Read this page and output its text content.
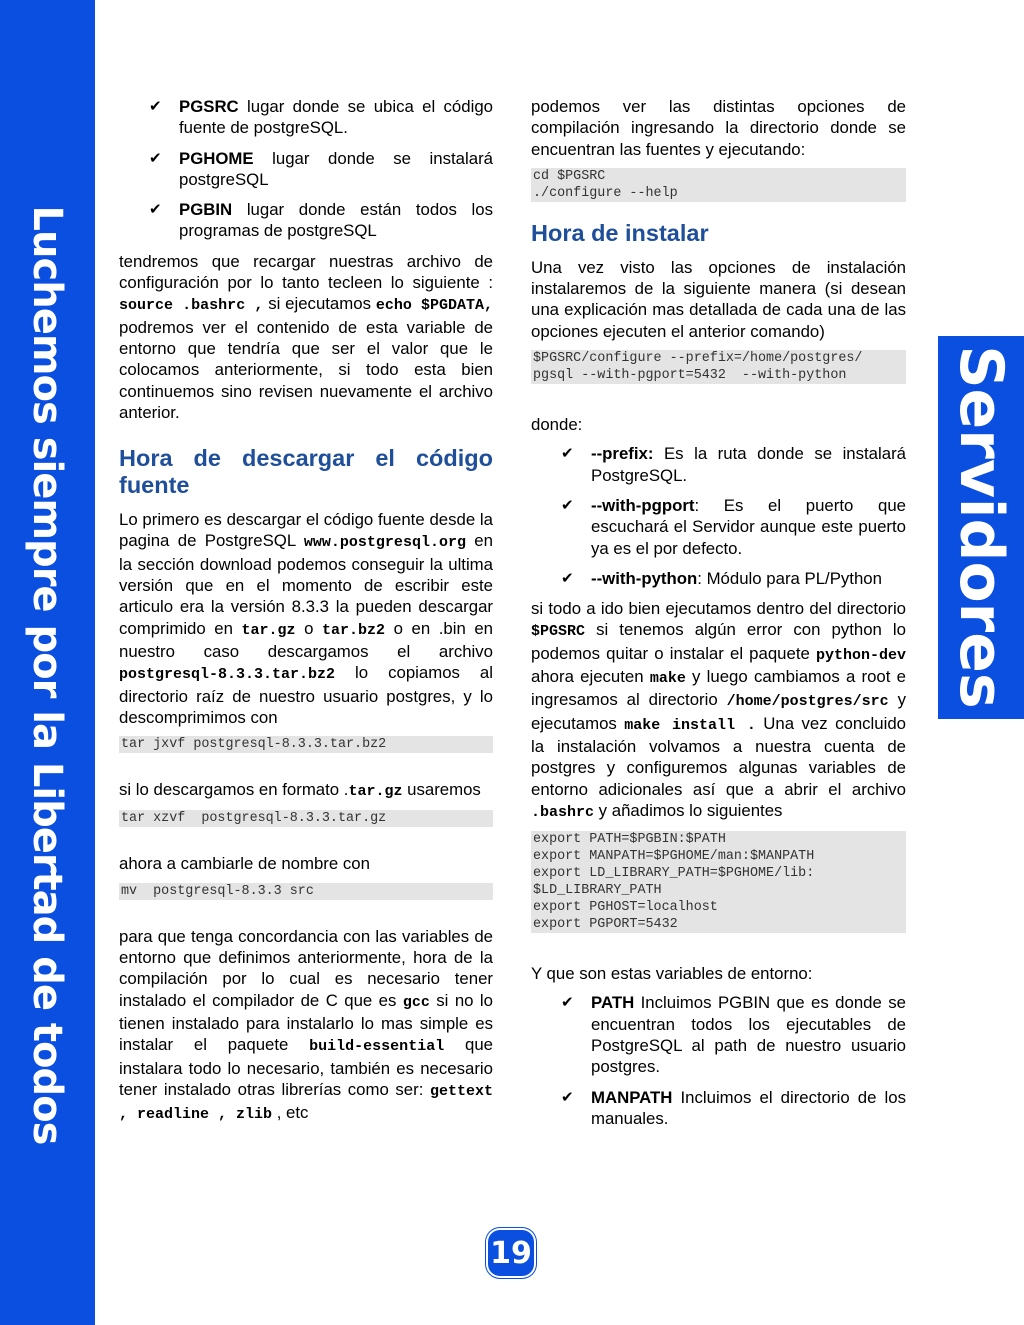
Luchemos siempre por la Libertad de todos	Servidores
✔	PGSRC lugar donde se ubica el código fuente de postgreSQL.
✔	PGHOME lugar donde se instalará postgreSQL
✔	PGBIN lugar donde están todos los programas de postgreSQL

tendremos que recargar nuestras archivo de configuración por lo tanto tecleen lo siguiente : source .bashrc , si ejecutamos echo $PGDATA, podremos ver el contenido de esta variable de entorno que tendría que ser el valor que le colocamos anteriormente, si todo esta bien continuemos sino revisen nuevamente el archivo anterior.

Hora de descargar el código fuente

Lo primero es descargar el código fuente desde la pagina de PostgreSQL www.postgresql.org en la sección download podemos conseguir la ultima versión que en el momento de escribir este articulo era la versión 8.3.3 la pueden descargar comprimido en tar.gz o tar.bz2 o en .bin en nuestro caso descargamos el archivo postgresql-8.3.3.tar.bz2 lo copiamos al directorio raíz de nuestro usuario postgres, y lo descomprimimos con

tar jxvf postgresql-8.3.3.tar.bz2

si lo descargamos en formato .tar.gz usaremos

tar xzvf  postgresql-8.3.3.tar.gz

ahora a cambiarle de nombre con

mv  postgresql-8.3.3 src

para que tenga concordancia con las variables de entorno que definimos anteriormente, hora de la compilación por lo cual es necesario tener instalado el compilador de C que es gcc si no lo tienen instalado para instalarlo lo mas simple es instalar el paquete build-essential que instalara todo lo necesario, también es necesario tener instalado otras librerías como ser: gettext , readline , zlib , etc

podemos ver las distintas opciones de compilación ingresando la directorio donde se encuentran las fuentes y ejecutando:

cd $PGSRC
./configure --help
Hora de instalar

Una vez visto las opciones de instalación instalaremos de la siguiente manera (si desean una explicación mas detallada de cada una de las opciones ejecuten el anterior comando)

$PGSRC/configure --prefix=/home/postgres/
pgsql --with-pgport=5432  --with-python

donde:

✔	--prefix: Es la ruta donde se instalará PostgreSQL.
✔	--with-pgport: Es el puerto que escuchará el Servidor aunque este puerto ya es el por defecto.
✔	--with-python: Módulo para PL/Python

si todo a ido bien ejecutamos dentro del directorio $PGSRC si tenemos algún error con python lo podemos quitar o instalar el paquete python-dev ahora ejecuten make y luego cambiamos a root e ingresamos al directorio /home/postgres/src y ejecutamos make install . Una vez concluido la instalación volvamos a nuestra cuenta de postgres y configuremos algunas variables de entorno adicionales así que a abrir el archivo .bashrc y añadimos lo siguientes

export PATH=$PGBIN:$PATH
export MANPATH=$PGHOME/man:$MANPATH
export LD_LIBRARY_PATH=$PGHOME/lib:
$LD_LIBRARY_PATH
export PGHOST=localhost
export PGPORT=5432

Y que son estas variables de entorno:

✔	PATH Incluimos PGBIN que es donde se encuentran todos los ejecutables de PostgreSQL al path de nuestro usuario postgres.
✔	MANPATH Incluimos el directorio de los manuales.
19
